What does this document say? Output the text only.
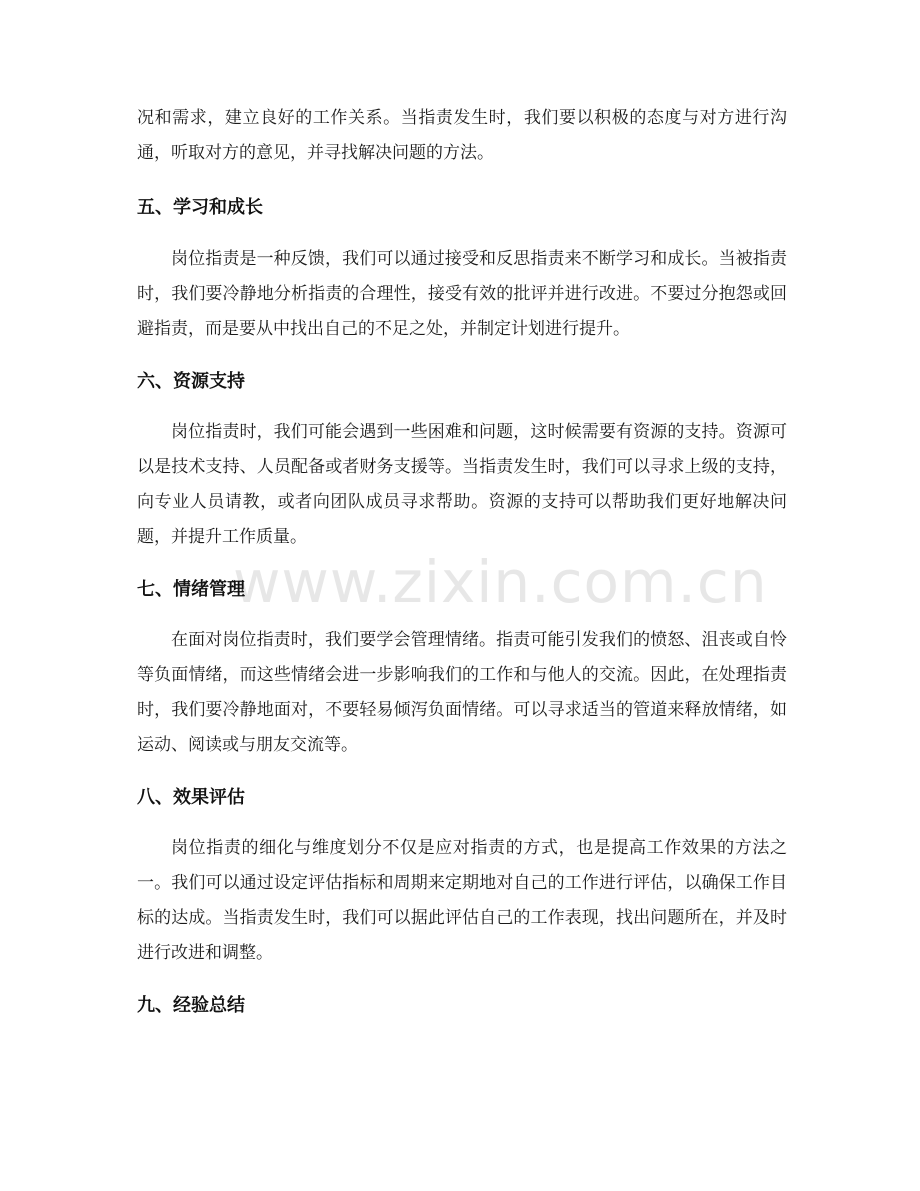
www.zixin.com.cn

况和需求，建立良好的工作关系。当指责发生时，我们要以积极的态度与对方进行沟通，听取对方的意见，并寻找解决问题的方法。

五、学习和成长

岗位指责是一种反馈，我们可以通过接受和反思指责来不断学习和成长。当被指责时，我们要冷静地分析指责的合理性，接受有效的批评并进行改进。不要过分抱怨或回避指责，而是要从中找出自己的不足之处，并制定计划进行提升。

六、资源支持

岗位指责时，我们可能会遇到一些困难和问题，这时候需要有资源的支持。资源可以是技术支持、人员配备或者财务支援等。当指责发生时，我们可以寻求上级的支持，向专业人员请教，或者向团队成员寻求帮助。资源的支持可以帮助我们更好地解决问题，并提升工作质量。

七、情绪管理

在面对岗位指责时，我们要学会管理情绪。指责可能引发我们的愤怒、沮丧或自怜等负面情绪，而这些情绪会进一步影响我们的工作和与他人的交流。因此，在处理指责时，我们要冷静地面对，不要轻易倾泻负面情绪。可以寻求适当的管道来释放情绪，如运动、阅读或与朋友交流等。

八、效果评估

岗位指责的细化与维度划分不仅是应对指责的方式，也是提高工作效果的方法之一。我们可以通过设定评估指标和周期来定期地对自己的工作进行评估，以确保工作目标的达成。当指责发生时，我们可以据此评估自己的工作表现，找出问题所在，并及时进行改进和调整。

九、经验总结
